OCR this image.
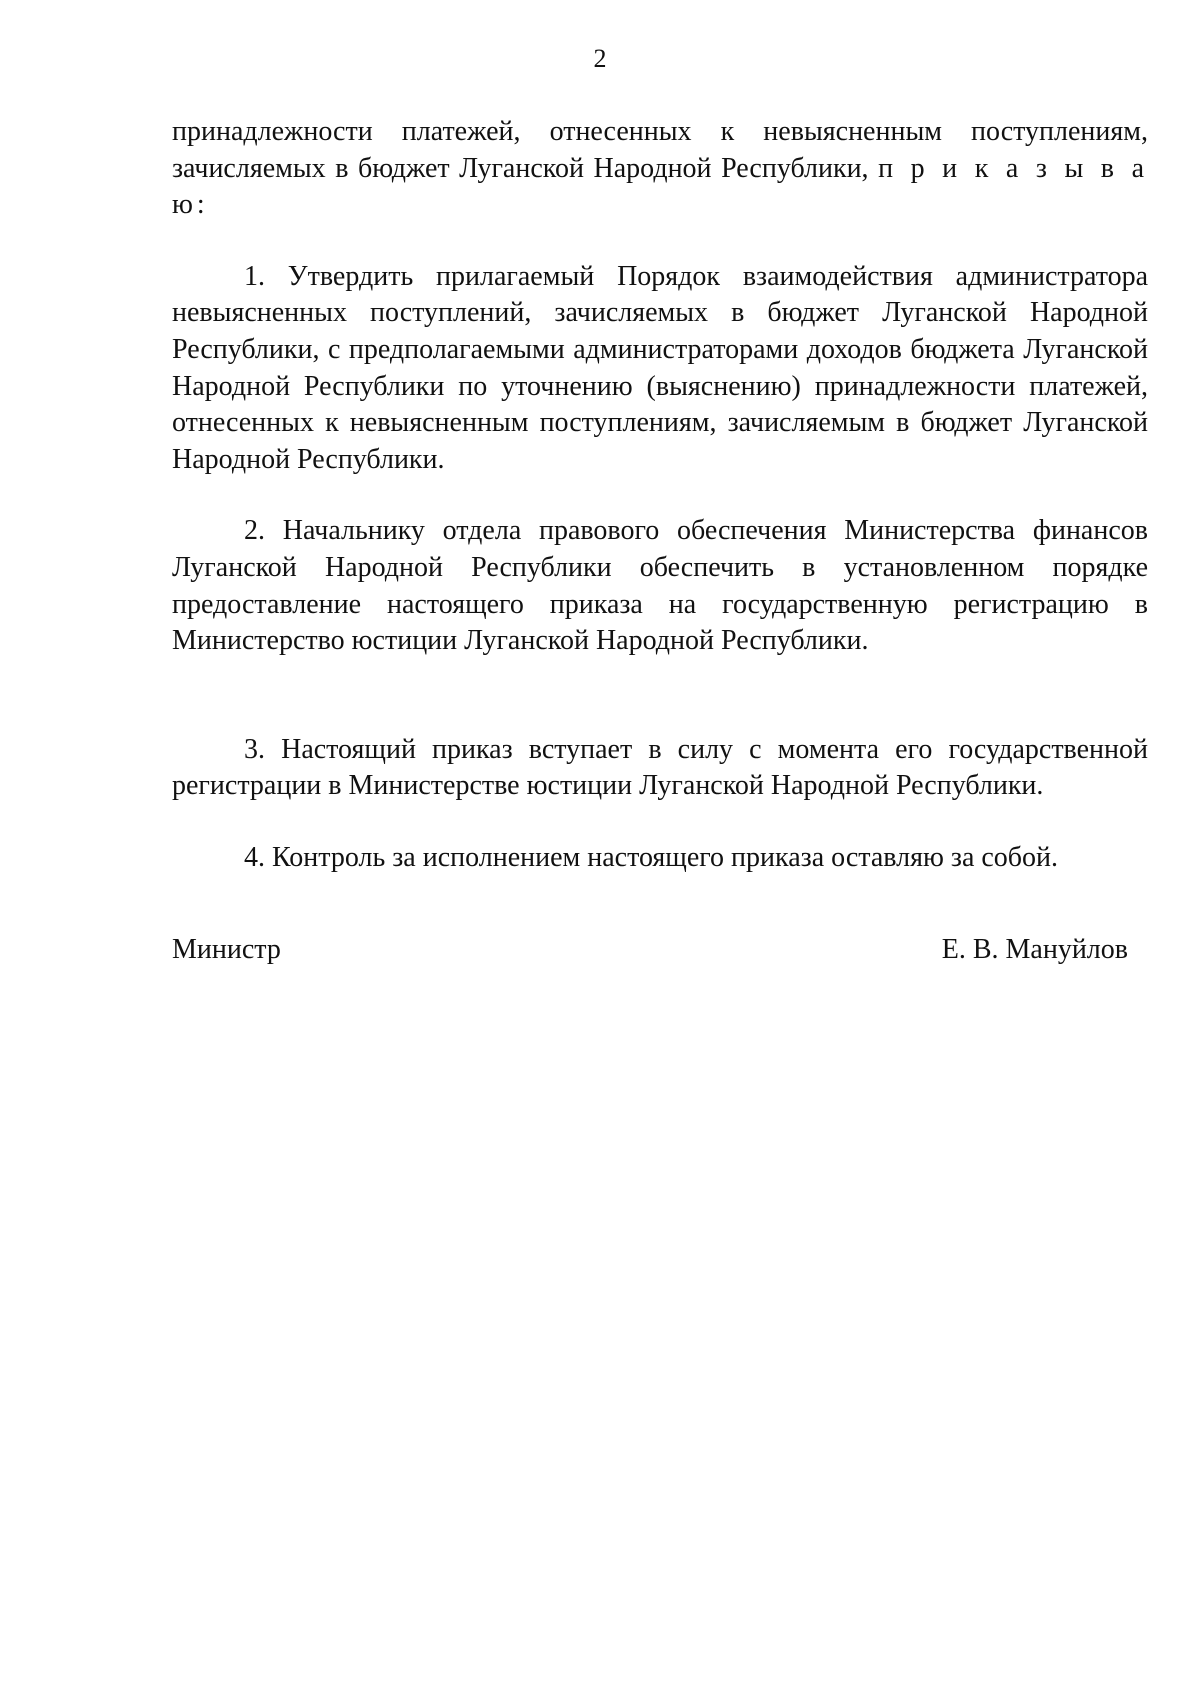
2

принадлежности платежей, отнесенных к невыясненным поступлениям, зачисляемых в бюджет Луганской Народной Республики, п р и к а з ы в а ю:

1. Утвердить прилагаемый Порядок взаимодействия администратора невыясненных поступлений, зачисляемых в бюджет Луганской Народной Республики, с предполагаемыми администраторами доходов бюджета Луганской Народной Республики по уточнению (выяснению) принадлежности платежей, отнесенных к невыясненным поступлениям, зачисляемым в бюджет Луганской Народной Республики.

2. Начальнику отдела правового обеспечения Министерства финансов Луганской Народной Республики обеспечить в установленном порядке предоставление настоящего приказа на государственную регистрацию в Министерство юстиции Луганской Народной Республики.

3. Настоящий приказ вступает в силу с момента его государственной регистрации в Министерстве юстиции Луганской Народной Республики.

4. Контроль за исполнением настоящего приказа оставляю за собой.

Министр	Е. В. Мануйлов
